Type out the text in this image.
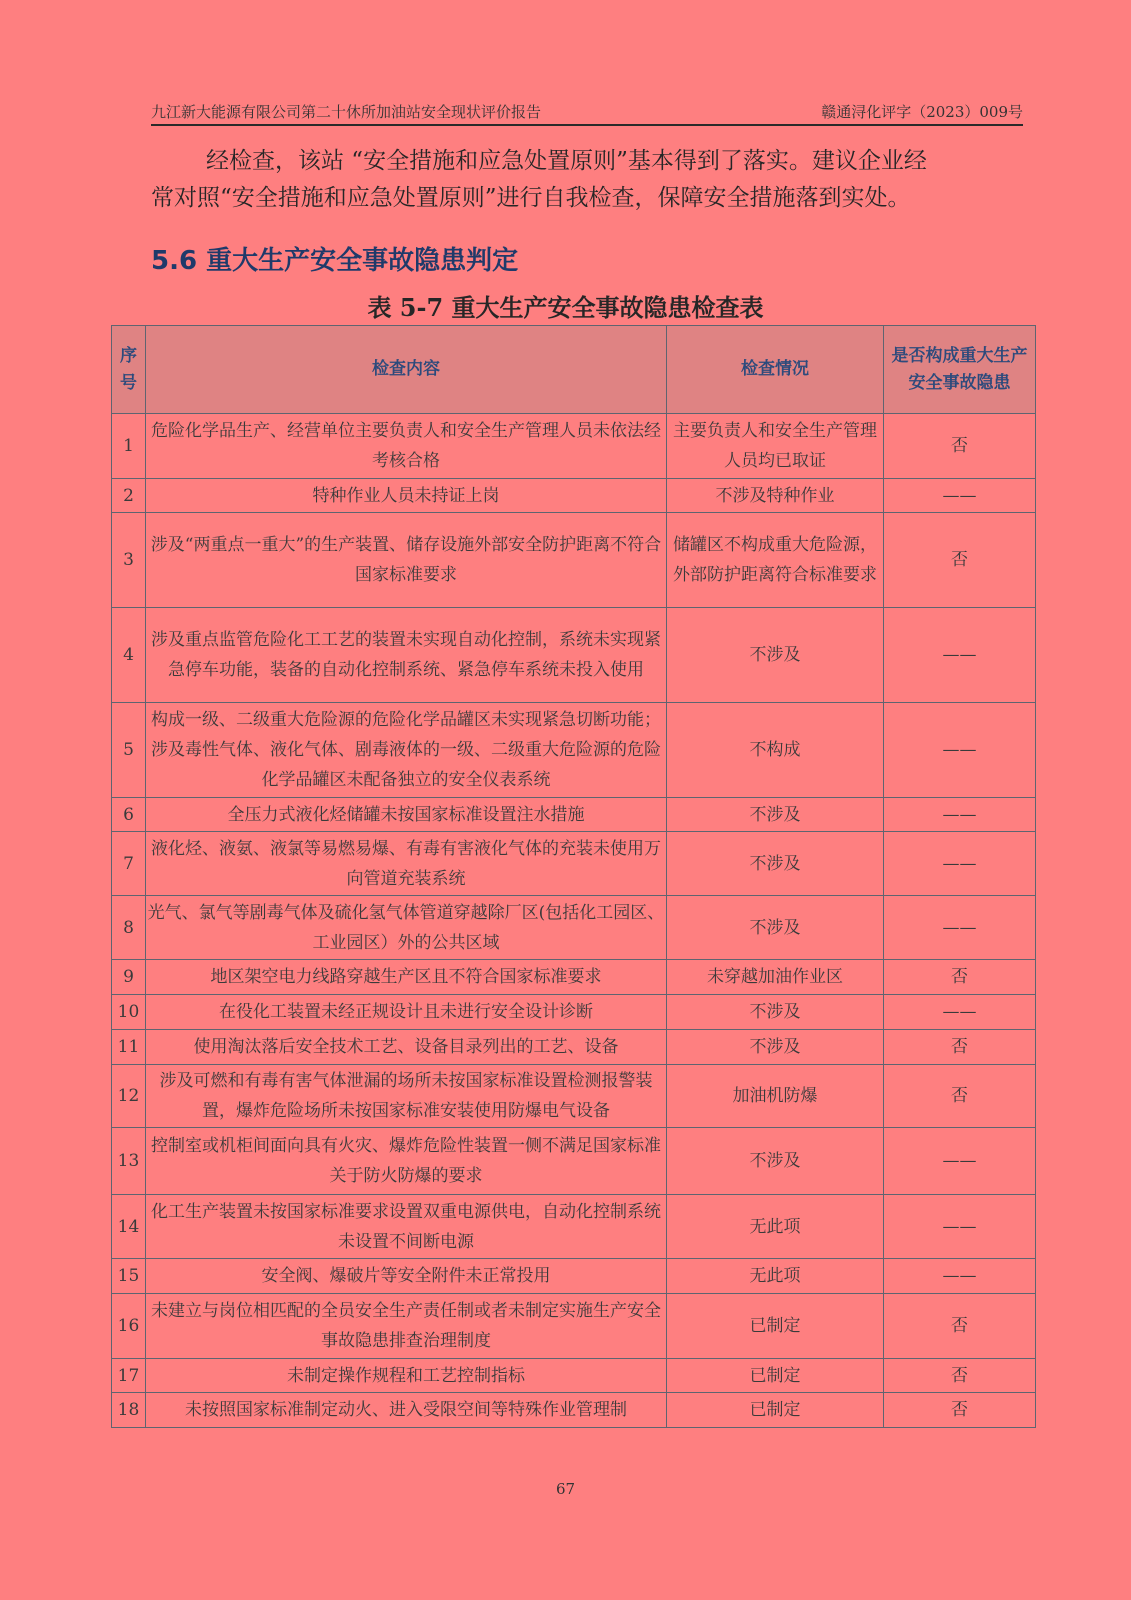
九江新大能源有限公司第二十休所加油站安全现状评价报告	赣通浔化评字（2023）009号
经检查，该站 “安全措施和应急处置原则”基本得到了落实。建议企业经
常对照“安全措施和应急处置原则”进行自我检查，保障安全措施落到实处。
5.6 重大生产安全事故隐患判定
表 5-7 重大生产安全事故隐患检查表
序号	检查内容	检查情况	是否构成重大生产安全事故隐患
1	危险化学品生产、经营单位主要负责人和安全生产管理人员未依法经考核合格	主要负责人和安全生产管理人员均已取证	否
2	特种作业人员未持证上岗	不涉及特种作业	——
3	涉及“两重点一重大”的生产装置、储存设施外部安全防护距离不符合国家标准要求	储罐区不构成重大危险源，外部防护距离符合标准要求	否
4	涉及重点监管危险化工工艺的装置未实现自动化控制，系统未实现紧急停车功能，装备的自动化控制系统、紧急停车系统未投入使用	不涉及	——
5	构成一级、二级重大危险源的危险化学品罐区未实现紧急切断功能；涉及毒性气体、液化气体、剧毒液体的一级、二级重大危险源的危险化学品罐区未配备独立的安全仪表系统	不构成	——
6	全压力式液化烃储罐未按国家标准设置注水措施	不涉及	——
7	液化烃、液氨、液氯等易燃易爆、有毒有害液化气体的充装未使用万向管道充装系统	不涉及	——
8	光气、氯气等剧毒气体及硫化氢气体管道穿越除厂区(包括化工园区、工业园区）外的公共区域	不涉及	——
9	地区架空电力线路穿越生产区且不符合国家标准要求	未穿越加油作业区	否
10	在役化工装置未经正规设计且未进行安全设计诊断	不涉及	——
11	使用淘汰落后安全技术工艺、设备目录列出的工艺、设备	不涉及	否
12	涉及可燃和有毒有害气体泄漏的场所未按国家标准设置检测报警装置，爆炸危险场所未按国家标准安装使用防爆电气设备	加油机防爆	否
13	控制室或机柜间面向具有火灾、爆炸危险性装置一侧不满足国家标准关于防火防爆的要求	不涉及	——
14	化工生产装置未按国家标准要求设置双重电源供电，自动化控制系统未设置不间断电源	无此项	——
15	安全阀、爆破片等安全附件未正常投用	无此项	——
16	未建立与岗位相匹配的全员安全生产责任制或者未制定实施生产安全事故隐患排查治理制度	已制定	否
17	未制定操作规程和工艺控制指标	已制定	否
18	未按照国家标准制定动火、进入受限空间等特殊作业管理制	已制定	否
67
